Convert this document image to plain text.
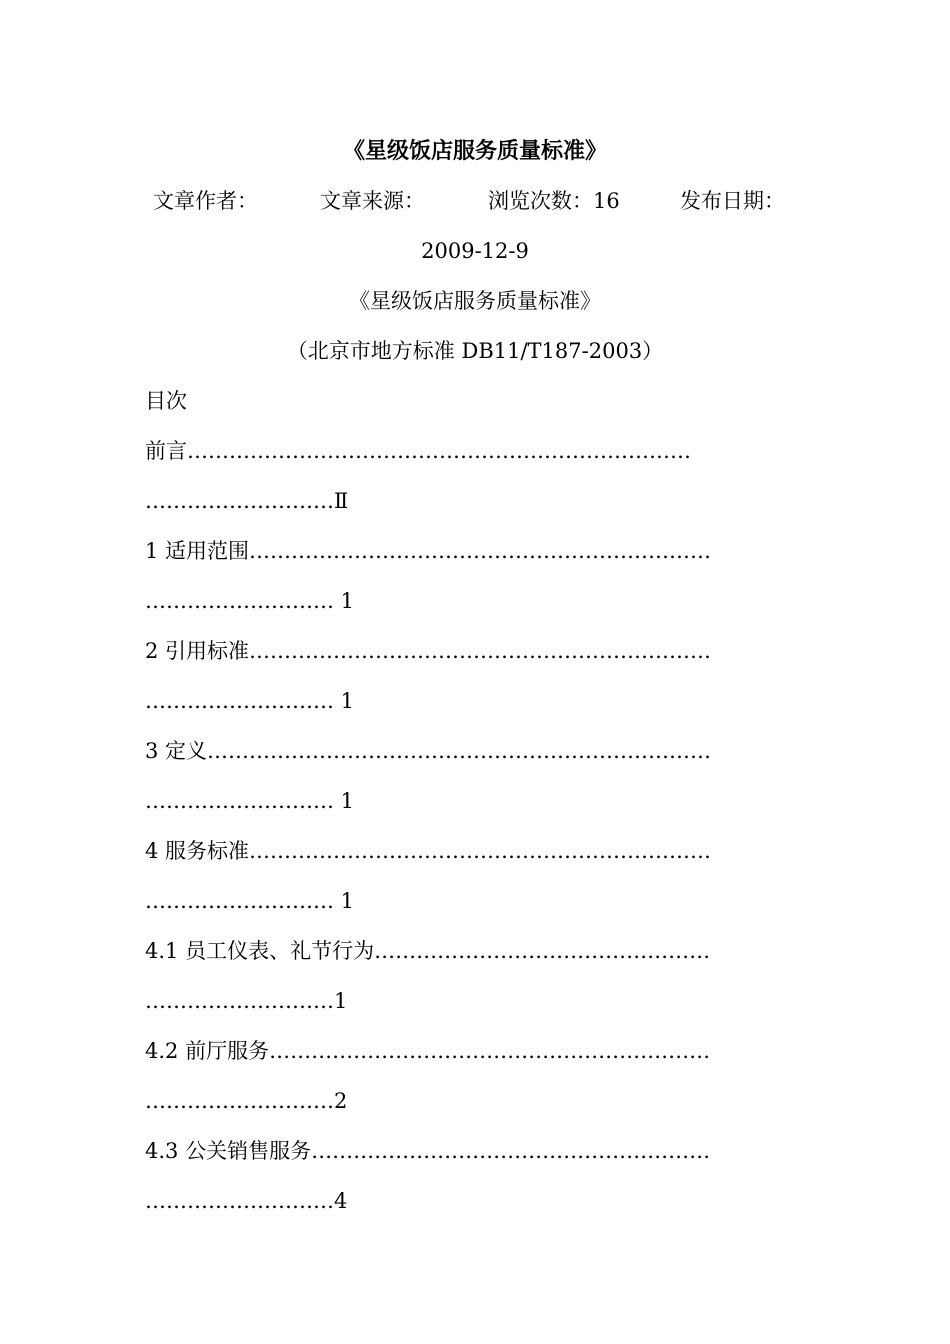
《星级饭店服务质量标准》
文章作者：	文章来源：	浏览次数：16	发布日期：
2009-12-9
《星级饭店服务质量标准》
（北京市地方标准 DB11/T187-2003）
目次
前言………………………………………………………………
………………………Ⅱ
1 适用范围…………………………………………………………
……………………… 1
2 引用标准…………………………………………………………
……………………… 1
3 定义………………………………………………………………
……………………… 1
4 服务标准…………………………………………………………
……………………… 1
4.1 员工仪表、礼节行为…………………………………………
………………………1
4.2 前厅服务………………………………………………………
………………………2
4.3 公关销售服务…………………………………………………
………………………4
